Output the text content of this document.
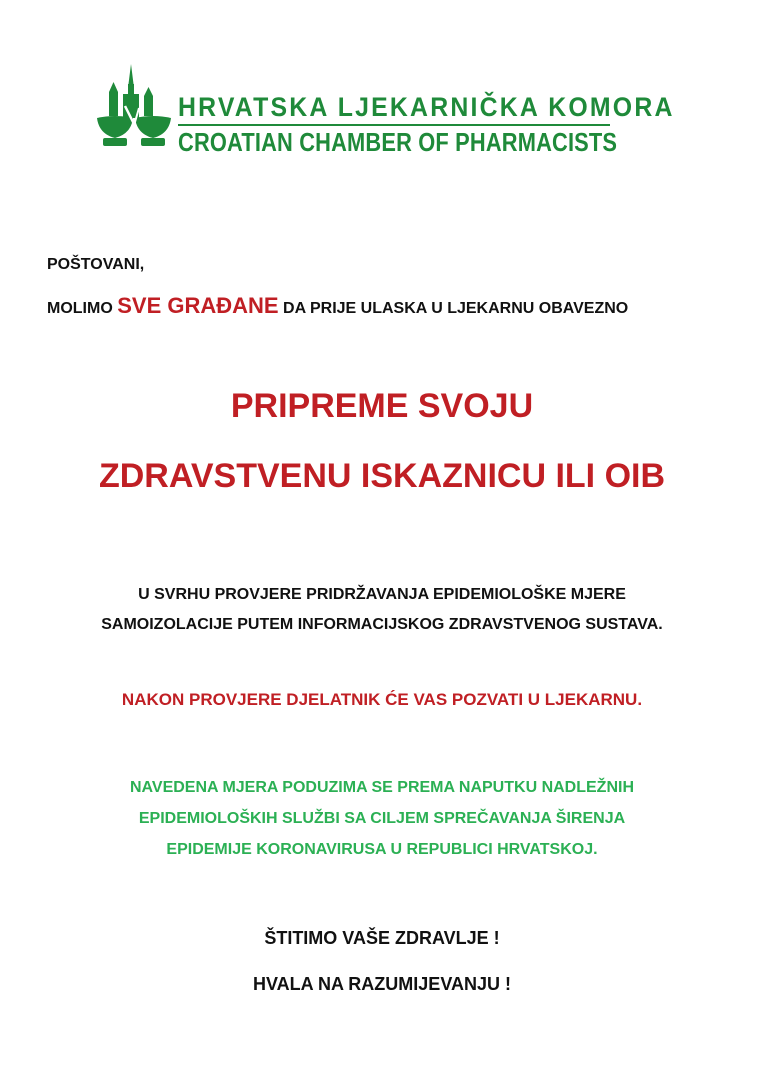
HRVATSKA LJEKARNIČKA KOMORA
CROATIAN CHAMBER OF PHARMACISTS
POŠTOVANI,
MOLIMO SVE GRAĐANE DA PRIJE ULASKA U LJEKARNU OBAVEZNO
PRIPREME SVOJU
ZDRAVSTVENU ISKAZNICU ILI OIB
U SVRHU PROVJERE PRIDRŽAVANJA EPIDEMIOLOŠKE MJERE
SAMOIZOLACIJE PUTEM INFORMACIJSKOG ZDRAVSTVENOG SUSTAVA.
NAKON PROVJERE DJELATNIK ĆE VAS POZVATI U LJEKARNU.
NAVEDENA MJERA PODUZIMA SE PREMA NAPUTKU NADLEŽNIH
EPIDEMIOLOŠKIH SLUŽBI SA CILJEM SPREČAVANJA ŠIRENJA
EPIDEMIJE KORONAVIRUSA U REPUBLICI HRVATSKOJ.
ŠTITIMO VAŠE ZDRAVLJE !
HVALA NA RAZUMIJEVANJU !
